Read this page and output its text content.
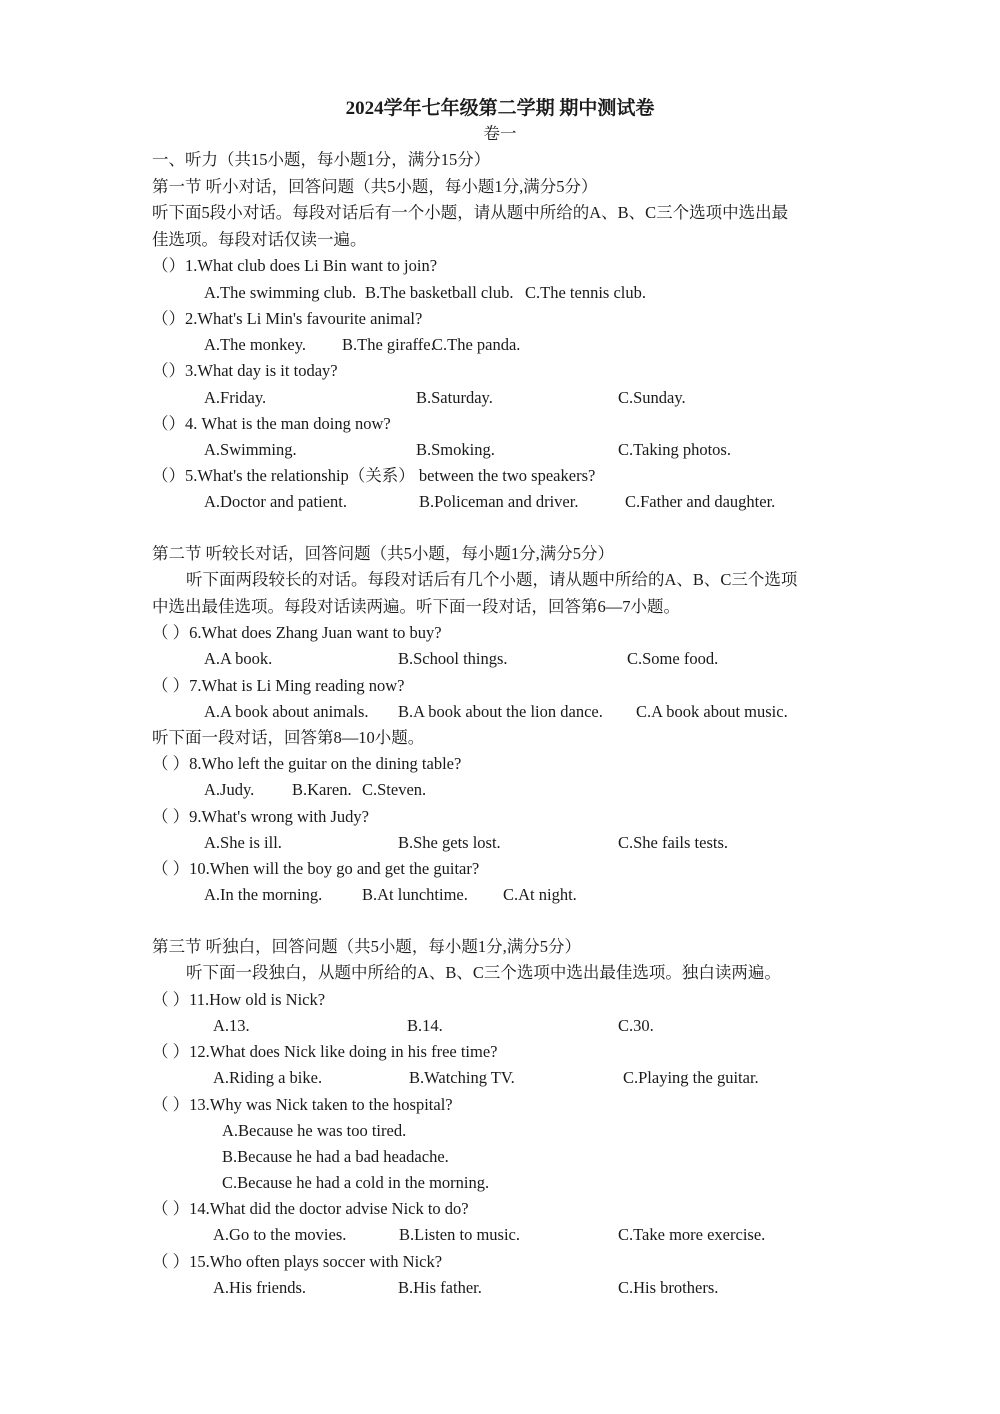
2024学年七年级第二学期 期中测试卷
卷一
一、听力（共15小题，每小题1分，满分15分）
第一节 听小对话，回答问题（共5小题，每小题1分,满分5分）
听下面5段小对话。每段对话后有一个小题，请从题中所给的A、B、C三个选项中选出最
佳选项。每段对话仅读一遍。
（）1.What club does Li Bin want to join?
A.The swimming club. B.The basketball club. C.The tennis club.
（）2.What's Li Min's favourite animal?
A.The monkey. B.The giraffe.
C.The panda.
（）3.What day is it today?
A.Friday.	B.Saturday.	C.Sunday.
（）4. What is the man doing now?
A.Swimming.	B.Smoking.	C.Taking photos.
（）5.What's the relationship（关系） between the two speakers?
A.Doctor and patient.	B.Policeman and driver.	C.Father and daughter.
第二节 听较长对话，回答问题（共5小题，每小题1分,满分5分）
听下面两段较长的对话。每段对话后有几个小题，请从题中所给的A、B、C三个选项
中选出最佳选项。每段对话读两遍。听下面一段对话，回答第6—7小题。
（ ）6.What does Zhang Juan want to buy?
A.A book.	B.School things.	C.Some food.
（ ）7.What is Li Ming reading now?
A.A book about animals. B.A book about the lion dance. C.A book about music.
听下面一段对话，回答第8—10小题。
（ ）8.Who left the guitar on the dining table?
A.Judy. B.Karen. C.Steven.
（ ）9.What's wrong with Judy?
A.She is ill.	B.She gets lost.	C.She fails tests.
（ ）10.When will the boy go and get the guitar?
A.In the morning. B.At lunchtime. C.At night.
第三节 听独白，回答问题（共5小题，每小题1分,满分5分）
听下面一段独白，从题中所给的A、B、C三个选项中选出最佳选项。独白读两遍。
（ ）11.How old is Nick?
A.13.	B.14.	C.30.
（ ）12.What does Nick like doing in his free time?
A.Riding a bike.	B.Watching TV.	C.Playing the guitar.
（ ）13.Why was Nick taken to the hospital?
A.Because he was too tired.
B.Because he had a bad headache.
C.Because he had a cold in the morning.
（ ）14.What did the doctor advise Nick to do?
A.Go to the movies.	B.Listen to music.	C.Take more exercise.
（ ）15.Who often plays soccer with Nick?
A.His friends.	B.His father.	C.His brothers.
